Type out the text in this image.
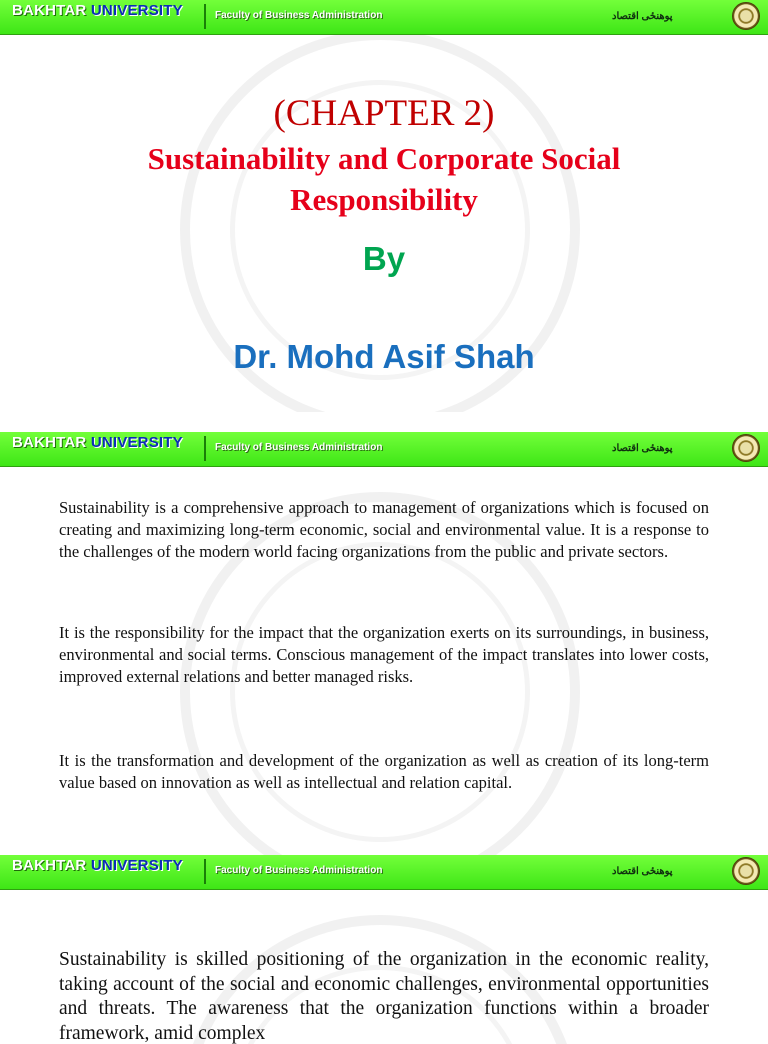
BAKHTAR UNIVERSITY	Faculty of Business Administration	پوهنځی اقتصاد
(CHAPTER 2)
Sustainability and Corporate Social Responsibility
By
Dr. Mohd Asif Shah
BAKHTAR UNIVERSITY	Faculty of Business Administration	پوهنځی اقتصاد

Sustainability is a comprehensive approach to management of organizations which is focused on creating and maximizing long-term economic, social and environmental value. It is a response to the challenges of the modern world facing organizations from the public and private sectors.

It is the responsibility for the impact that the organization exerts on its surroundings, in business, environmental and social terms. Conscious management of the impact translates into lower costs, improved external relations and better managed risks.

It is the transformation and development of the organization as well as creation of its long-term value based on innovation as well as intellectual and relation capital.

BAKHTAR UNIVERSITY	Faculty of Business Administration	پوهنځی اقتصاد

Sustainability is skilled positioning of the organization in the economic reality, taking account of the social and economic challenges, environmental opportunities and threats. The awareness that the organization functions within a broader framework, amid complex
